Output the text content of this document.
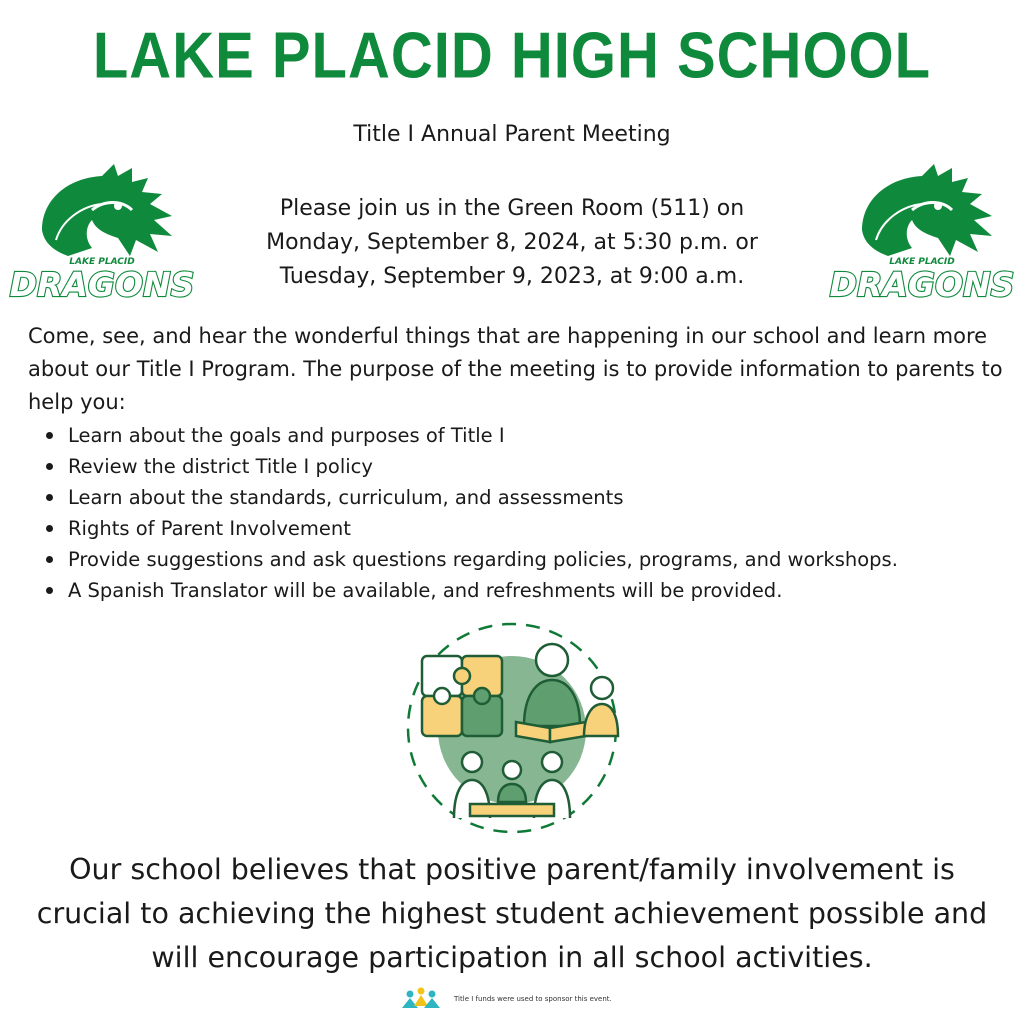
LAKE PLACID HIGH SCHOOL
Title I Annual Parent Meeting
Please join us in the Green Room (511) on
Monday, September 8, 2024, at 5:30 p.m. or
Tuesday, September 9, 2023, at 9:00 a.m.
LAKE PLACID
DRAGONS
LAKE PLACID
DRAGONS
Come, see, and hear the wonderful things that are happening in our school and learn more about our Title I Program. The purpose of the meeting is to provide information to parents to help you:
Learn about the goals and purposes of Title I
Review the district Title I policy
Learn about the standards, curriculum, and assessments
Rights of Parent Involvement
Provide suggestions and ask questions regarding policies, programs, and workshops.
A Spanish Translator will be available, and refreshments will be provided.
Our school believes that positive parent/family involvement is crucial to achieving the highest student achievement possible and will encourage participation in all school activities.
Title I funds were used to sponsor this event.
